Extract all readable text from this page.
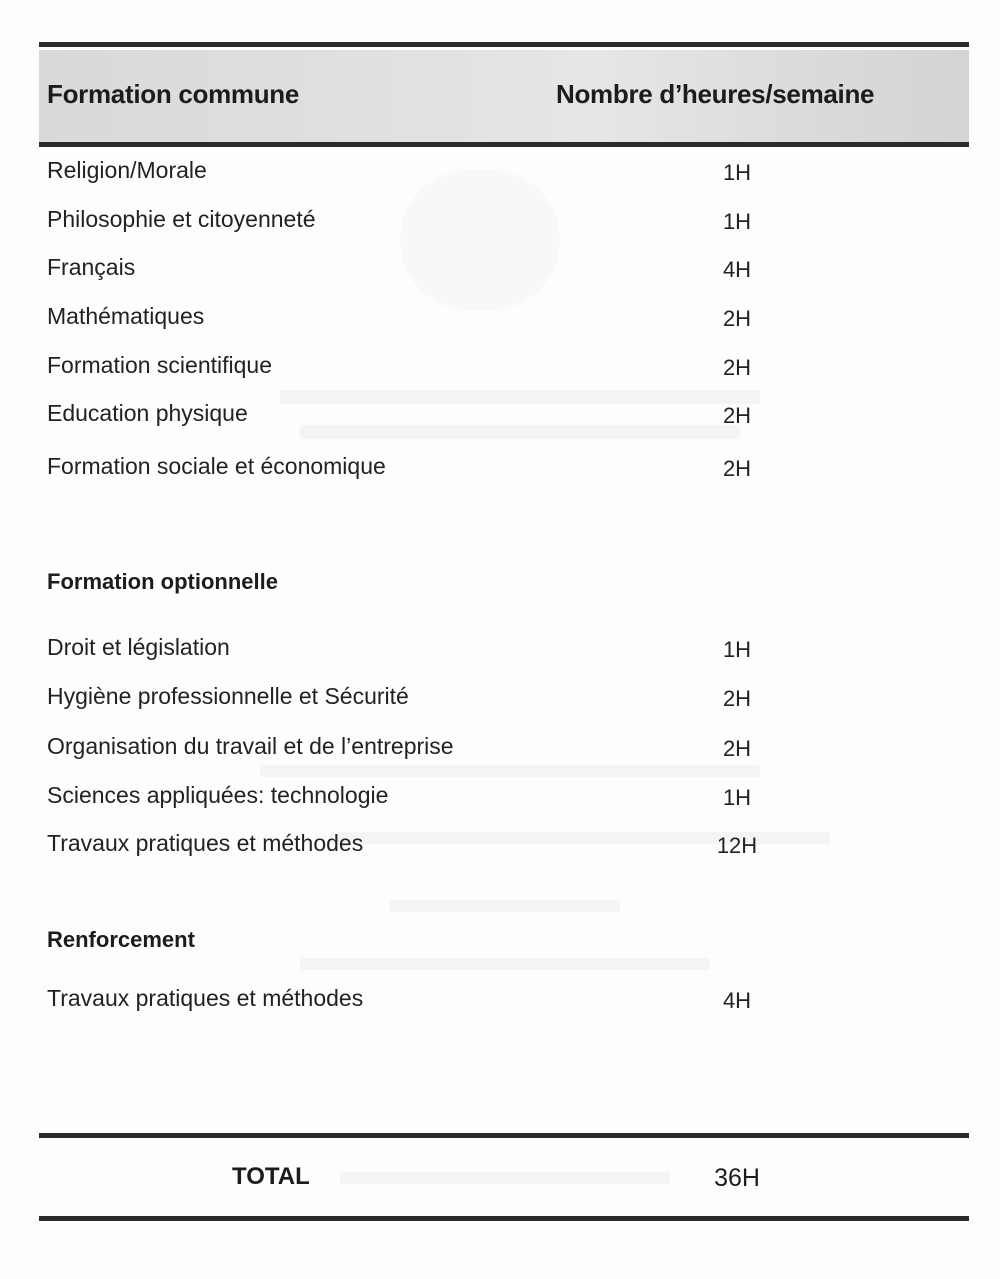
Formation commune	Nombre d’heures/semaine
Religion/Morale	1H
Philosophie et citoyenneté	1H
Français	4H
Mathématiques	2H
Formation scientifique	2H
Education physique	2H
Formation sociale et économique	2H
Formation optionnelle
Droit et législation	1H
Hygiène professionnelle et Sécurité	2H
Organisation du travail et de l’entreprise	2H
Sciences appliquées: technologie	1H
Travaux pratiques et méthodes	12H
Renforcement
Travaux pratiques et méthodes	4H
TOTAL	36H
